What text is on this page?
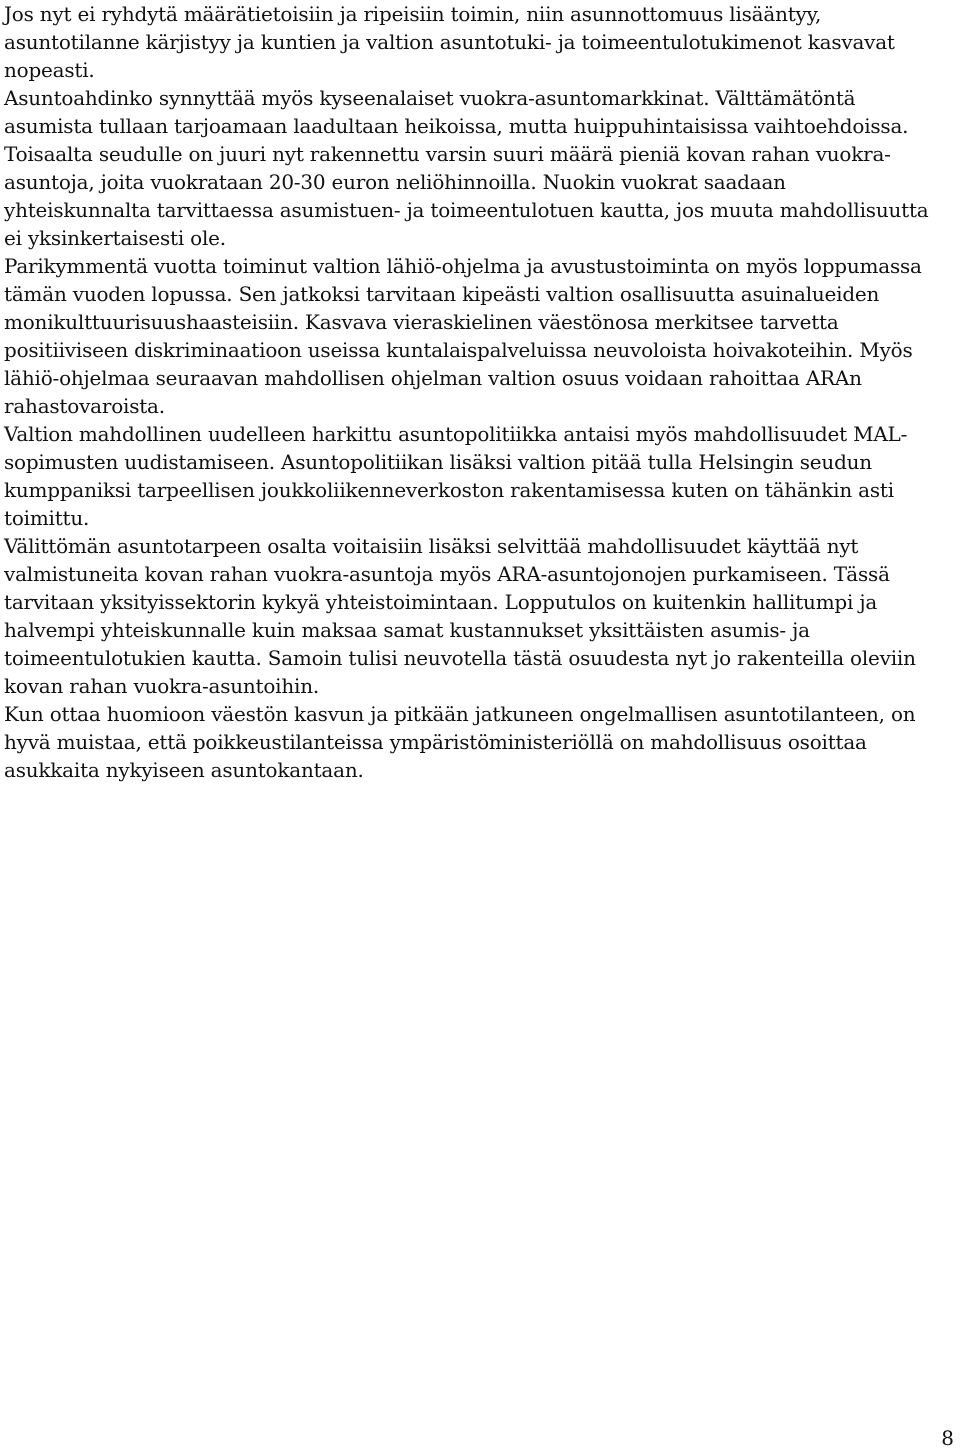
Jos nyt ei ryhdytä määrätietoisiin ja ripeisiin toimin, niin asunnottomuus lisääntyy,
asuntotilanne kärjistyy ja kuntien ja valtion asuntotuki- ja toimeentulotukimenot kasvavat
nopeasti.
Asuntoahdinko synnyttää myös kyseenalaiset vuokra-asuntomarkkinat. Välttämätöntä
asumista tullaan tarjoamaan laadultaan heikoissa, mutta huippuhintaisissa vaihtoehdoissa.
Toisaalta seudulle on juuri nyt rakennettu varsin suuri määrä pieniä kovan rahan vuokra-
asuntoja, joita vuokrataan 20-30 euron neliöhinnoilla. Nuokin vuokrat saadaan
yhteiskunnalta tarvittaessa asumistuen- ja toimeentulotuen kautta, jos muuta mahdollisuutta
ei yksinkertaisesti ole.
Parikymmentä vuotta toiminut valtion lähiö-ohjelma ja avustustoiminta on myös loppumassa
tämän vuoden lopussa. Sen jatkoksi tarvitaan kipeästi valtion osallisuutta asuinalueiden
monikulttuurisuushaasteisiin. Kasvava vieraskielinen väestönosa merkitsee tarvetta
positiiviseen diskriminaatioon useissa kuntalaispalveluissa neuvoloista hoivakoteihin. Myös
lähiö-ohjelmaa seuraavan mahdollisen ohjelman valtion osuus voidaan rahoittaa ARAn
rahastovaroista.
Valtion mahdollinen uudelleen harkittu asuntopolitiikka antaisi myös mahdollisuudet MAL-
sopimusten uudistamiseen. Asuntopolitiikan lisäksi valtion pitää tulla Helsingin seudun
kumppaniksi tarpeellisen joukkoliikenneverkoston rakentamisessa kuten on tähänkin asti
toimittu.
Välittömän asuntotarpeen osalta voitaisiin lisäksi selvittää mahdollisuudet käyttää nyt
valmistuneita kovan rahan vuokra-asuntoja myös ARA-asuntojonojen purkamiseen. Tässä
tarvitaan yksityissektorin kykyä yhteistoimintaan. Lopputulos on kuitenkin hallitumpi ja
halvempi yhteiskunnalle kuin maksaa samat kustannukset yksittäisten asumis- ja
toimeentulotukien kautta. Samoin tulisi neuvotella tästä osuudesta nyt jo rakenteilla oleviin
kovan rahan vuokra-asuntoihin.
Kun ottaa huomioon väestön kasvun ja pitkään jatkuneen ongelmallisen asuntotilanteen, on
hyvä muistaa, että poikkeustilanteissa ympäristöministeriöllä on mahdollisuus osoittaa
asukkaita nykyiseen asuntokantaan.
8
